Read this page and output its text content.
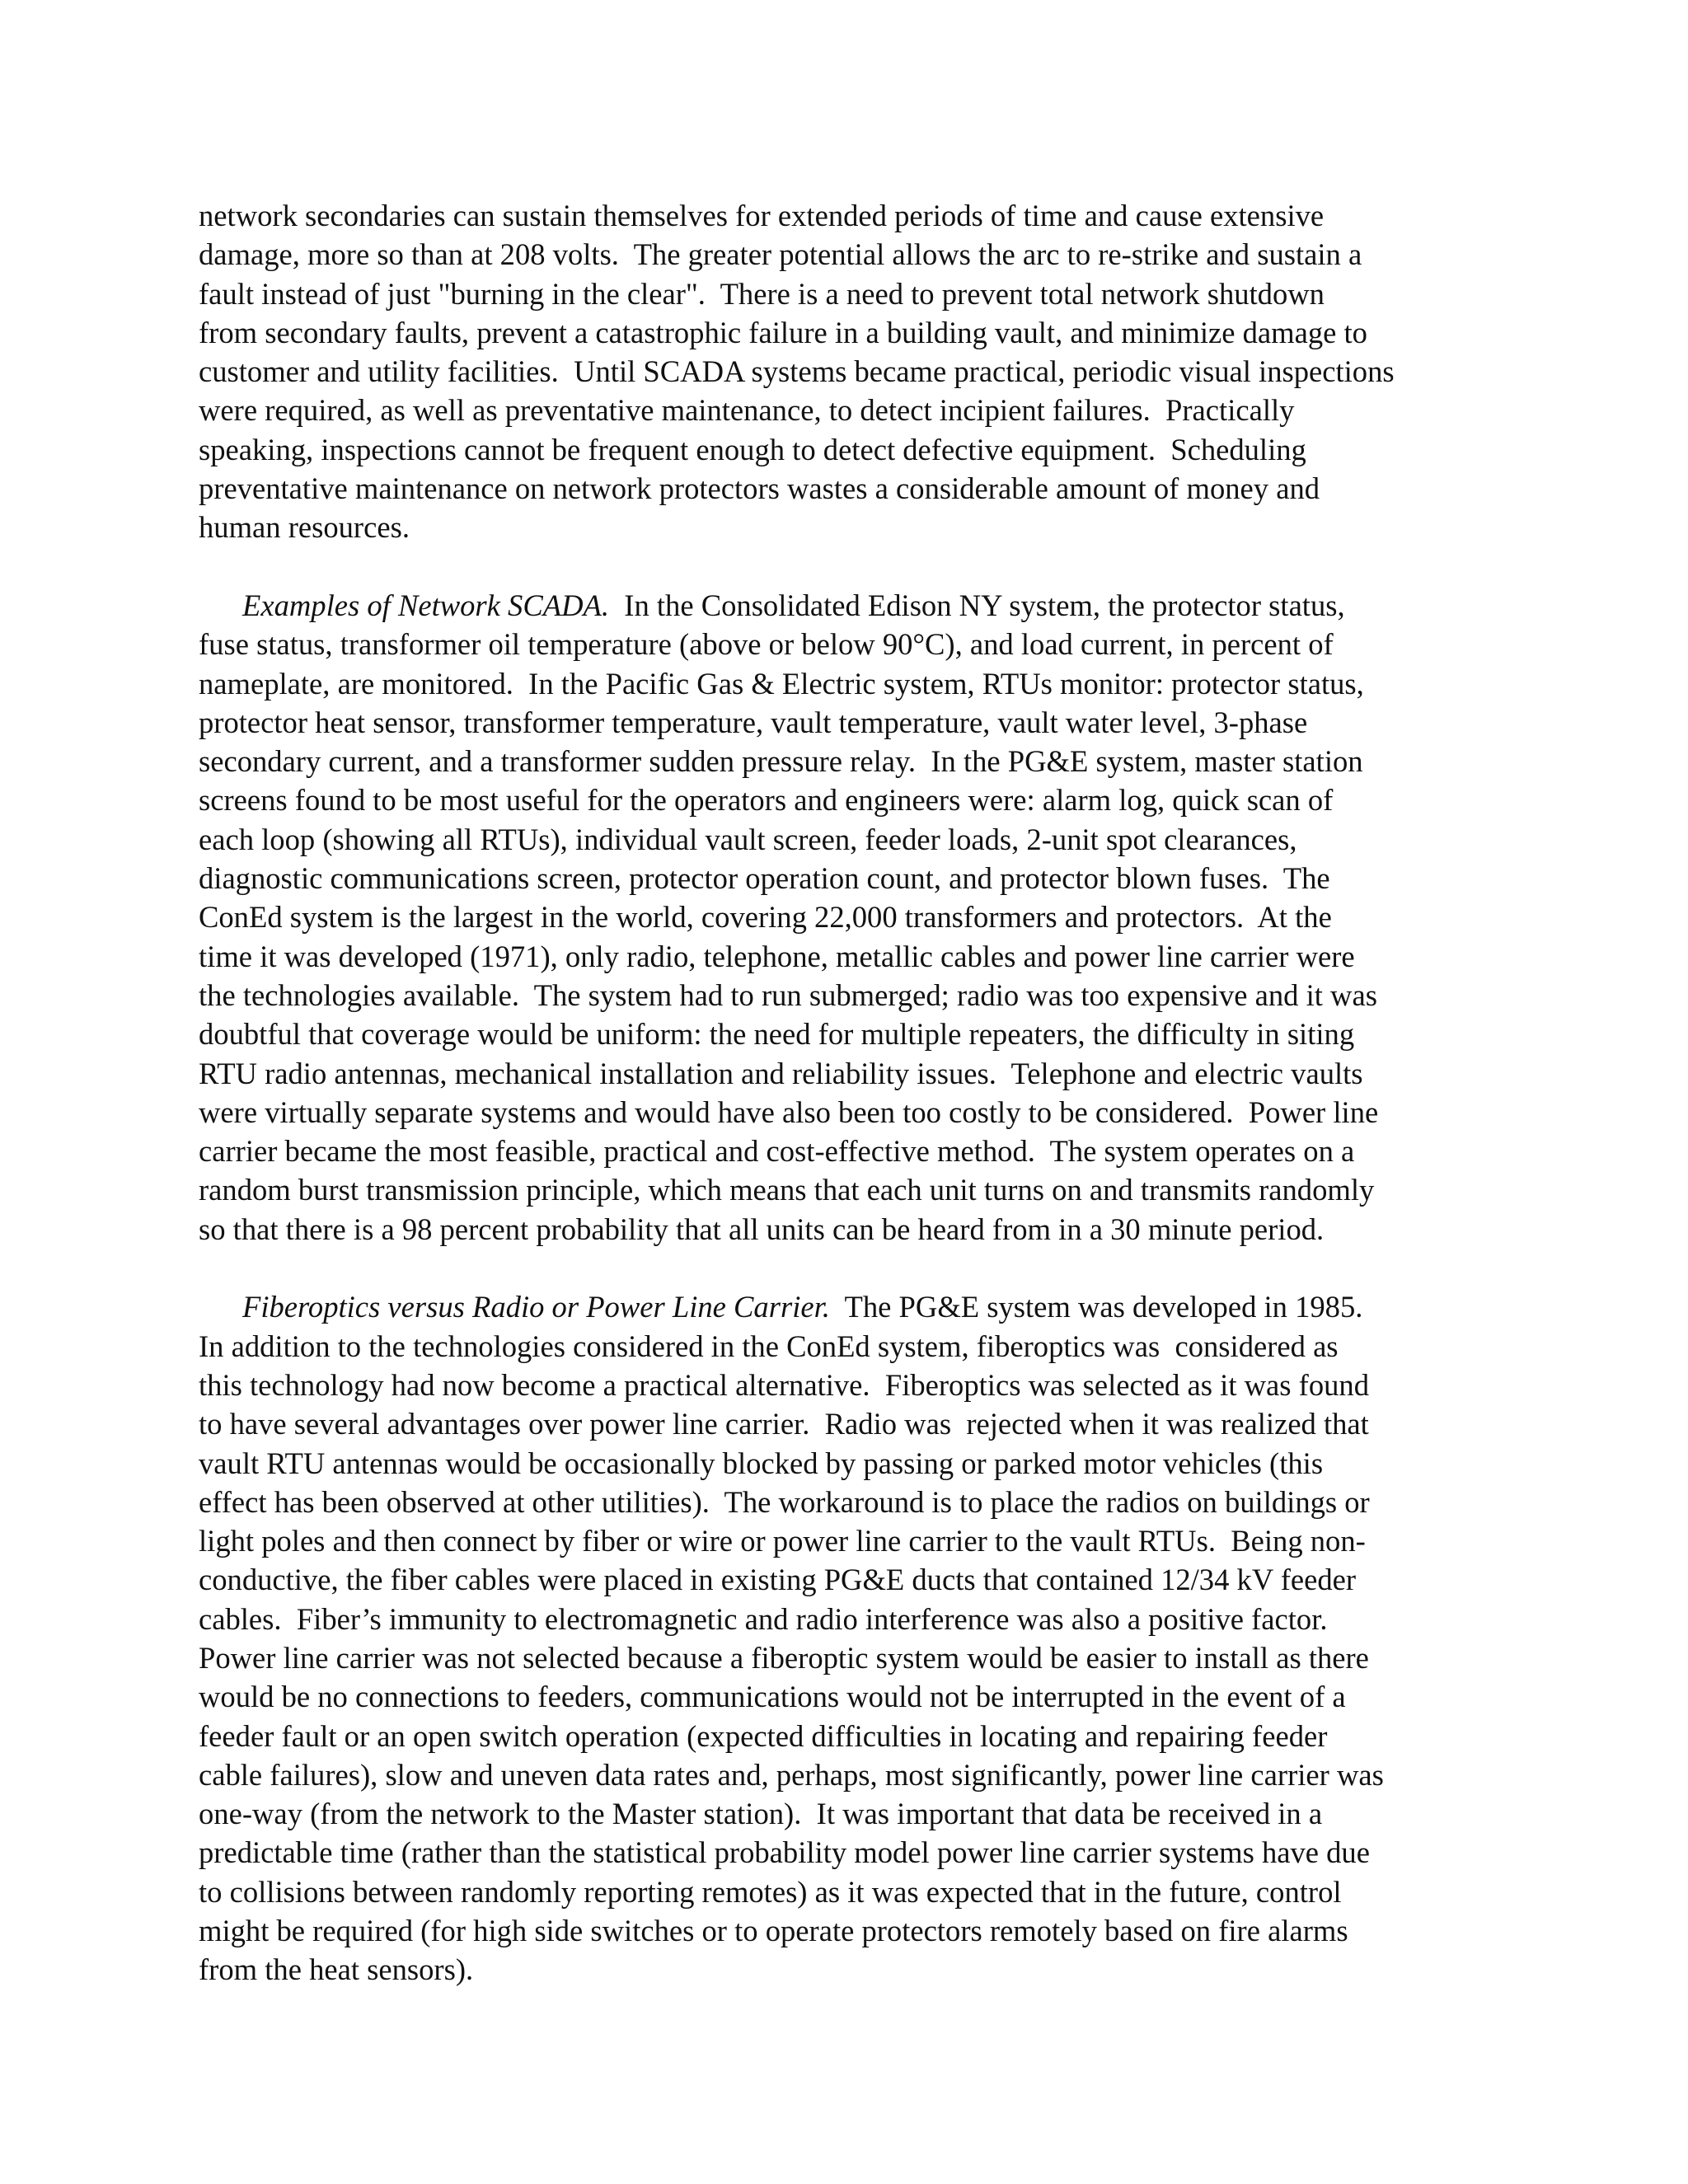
network secondaries can sustain themselves for extended periods of time and cause extensive
damage, more so than at 208 volts.  The greater potential allows the arc to re-strike and sustain a
fault instead of just "burning in the clear".  There is a need to prevent total network shutdown
from secondary faults, prevent a catastrophic failure in a building vault, and minimize damage to
customer and utility facilities.  Until SCADA systems became practical, periodic visual inspections
were required, as well as preventative maintenance, to detect incipient failures.  Practically
speaking, inspections cannot be frequent enough to detect defective equipment.  Scheduling
preventative maintenance on network protectors wastes a considerable amount of money and
human resources.
Examples of Network SCADA.  In the Consolidated Edison NY system, the protector status,
fuse status, transformer oil temperature (above or below 90°C), and load current, in percent of
nameplate, are monitored.  In the Pacific Gas & Electric system, RTUs monitor: protector status,
protector heat sensor, transformer temperature, vault temperature, vault water level, 3-phase
secondary current, and a transformer sudden pressure relay.  In the PG&E system, master station
screens found to be most useful for the operators and engineers were: alarm log, quick scan of
each loop (showing all RTUs), individual vault screen, feeder loads, 2-unit spot clearances,
diagnostic communications screen, protector operation count, and protector blown fuses.  The
ConEd system is the largest in the world, covering 22,000 transformers and protectors.  At the
time it was developed (1971), only radio, telephone, metallic cables and power line carrier were
the technologies available.  The system had to run submerged; radio was too expensive and it was
doubtful that coverage would be uniform: the need for multiple repeaters, the difficulty in siting
RTU radio antennas, mechanical installation and reliability issues.  Telephone and electric vaults
were virtually separate systems and would have also been too costly to be considered.  Power line
carrier became the most feasible, practical and cost-effective method.  The system operates on a
random burst transmission principle, which means that each unit turns on and transmits randomly
so that there is a 98 percent probability that all units can be heard from in a 30 minute period.
Fiberoptics versus Radio or Power Line Carrier.  The PG&E system was developed in 1985.
In addition to the technologies considered in the ConEd system, fiberoptics was  considered as
this technology had now become a practical alternative.  Fiberoptics was selected as it was found
to have several advantages over power line carrier.  Radio was  rejected when it was realized that
vault RTU antennas would be occasionally blocked by passing or parked motor vehicles (this
effect has been observed at other utilities).  The workaround is to place the radios on buildings or
light poles and then connect by fiber or wire or power line carrier to the vault RTUs.  Being non-
conductive, the fiber cables were placed in existing PG&E ducts that contained 12/34 kV feeder
cables.  Fiber’s immunity to electromagnetic and radio interference was also a positive factor.
Power line carrier was not selected because a fiberoptic system would be easier to install as there
would be no connections to feeders, communications would not be interrupted in the event of a
feeder fault or an open switch operation (expected difficulties in locating and repairing feeder
cable failures), slow and uneven data rates and, perhaps, most significantly, power line carrier was
one-way (from the network to the Master station).  It was important that data be received in a
predictable time (rather than the statistical probability model power line carrier systems have due
to collisions between randomly reporting remotes) as it was expected that in the future, control
might be required (for high side switches or to operate protectors remotely based on fire alarms
from the heat sensors).
